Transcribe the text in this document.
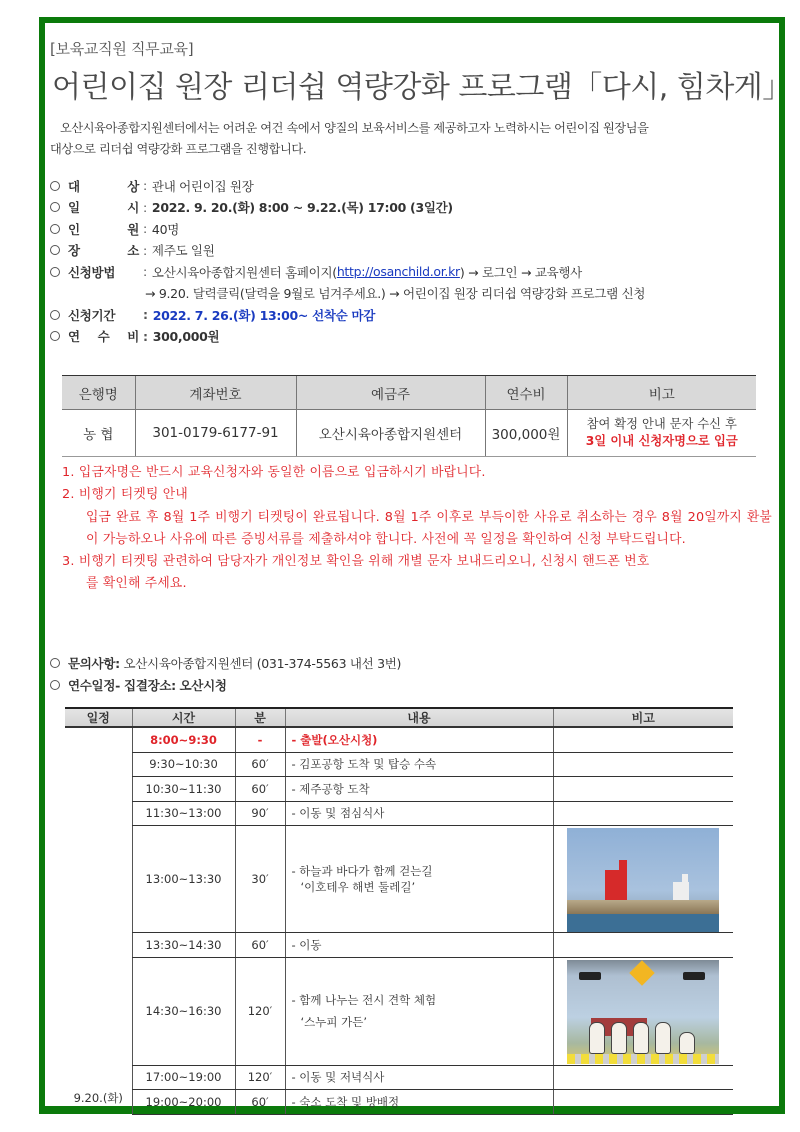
[보육교직원 직무교육]
어린이집 원장 리더쉽 역량강화 프로그램「다시, 힘차게」
오산시육아종합지원센터에서는 어려운 여건 속에서 양질의 보육서비스를 제공하고자 노력하시는 어린이집 원장님을
대상으로 리더쉽 역량강화 프로그램을 진행합니다.
대	상 : 관내 어린이집 원장
일	시 : 2022. 9. 20.(화) 8:00 ~ 9.22.(목) 17:00 (3일간)
인	원 : 40명
장	소 : 제주도 일원
신청방법	: 오산시육아종합지원센터 홈페이지( http://osanchild.or.kr ) → 로그인 → 교육행사
→ 9.20. 달력클릭(달력을 9월로 넘겨주세요.) → 어린이집 원장 리더쉽 역량강화 프로그램 신청
신청기간	: 2022. 7. 26.(화) 13:00~ 선착순 마감
연 수 비 : 300,000원
은행명	계좌번호	예금주	연수비	비고
농 협	301-0179-6177-91	오산시육아종합지원센터	300,000원	참여 확정 안내 문자 수신 후
3일 이내 신청자명으로 입금
1. 입금자명은 반드시 교육신청자와 동일한 이름으로 입금하시기 바랍니다.
2. 비행기 티켓팅 안내
입금 완료 후 8월 1주 비행기 티켓팅이 완료됩니다. 8월 1주 이후로 부득이한 사유로 취소하는 경우 8월 20일까지 환불이 가능하오나 사유에 따른 증빙서류를 제출하셔야 합니다. 사전에 꼭 일정을 확인하여 신청 부탁드립니다.
3. 비행기 티켓팅 관련하여 담당자가 개인정보 확인을 위해 개별 문자 보내드리오니, 신청시 핸드폰 번호
를 확인해 주세요.
문의사항:
오산시육아종합지원센터 (031-374-5563 내선 3번)
연수일정- 집결장소:
오산시청
일정	시간	분	내용	비고
9.20.(화)	8:00~9:30	-	- 출발(오산시청)	
	9:30~10:30	60′	- 김포공항 도착 및 탑승 수속	
	10:30~11:30	60′	- 제주공항 도착	
	11:30~13:00	90′	- 이동 및 점심식사	
	13:00~13:30	30′	- 하늘과 바다가 함께 걷는길
‘이호테우 해변 둘레길’	

	13:30~14:30	60′	- 이동	
	14:30~16:30	120′	- 함께 나누는 전시 견학 체험
‘스누피 가든’	

	17:00~19:00	120′	- 이동 및 저녁식사	
	19:00~20:00	60′	- 숙소 도착 및 방배정	
